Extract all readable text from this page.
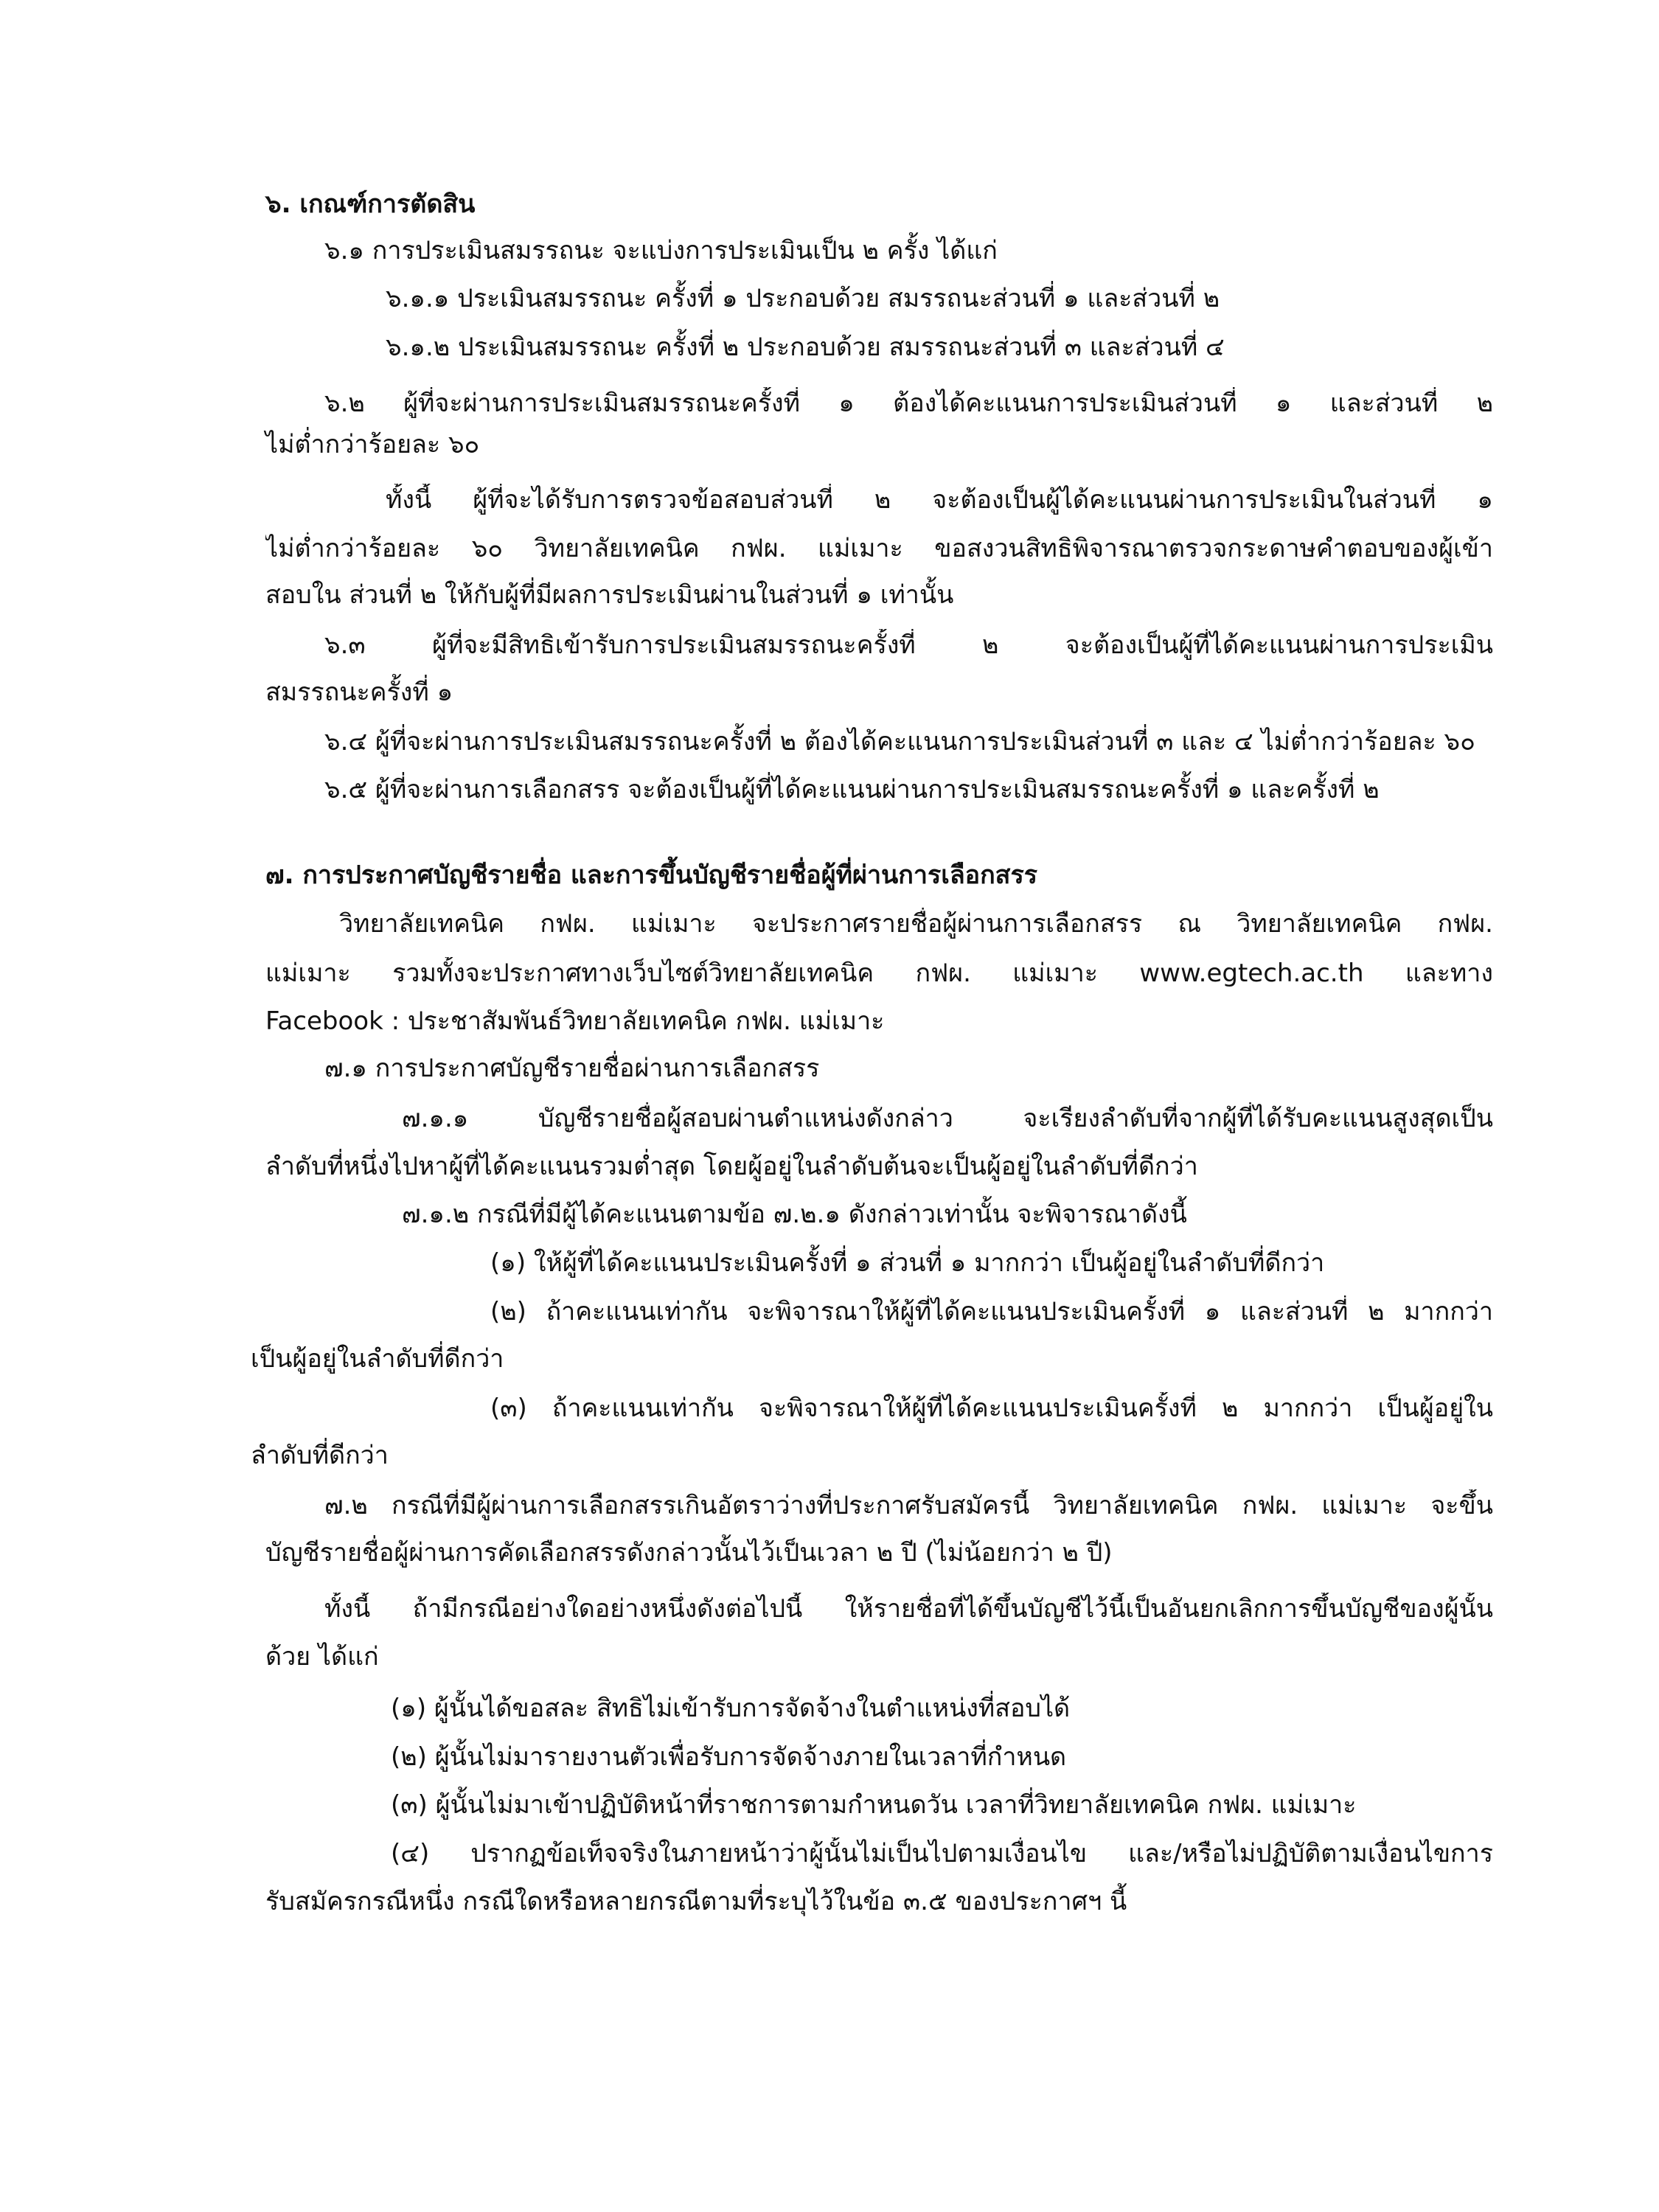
๖. เกณฑ์การตัดสิน
๖.๑ การประเมินสมรรถนะ จะแบ่งการประเมินเป็น ๒ ครั้ง ได้แก่
๖.๑.๑ ประเมินสมรรถนะ ครั้งที่ ๑ ประกอบด้วย สมรรถนะส่วนที่ ๑ และส่วนที่ ๒
๖.๑.๒ ประเมินสมรรถนะ ครั้งที่ ๒ ประกอบด้วย สมรรถนะส่วนที่ ๓ และส่วนที่ ๔
๖.๒ ผู้ที่จะผ่านการประเมินสมรรถนะครั้งที่ ๑ ต้องได้คะแนนการประเมินส่วนที่ ๑ และส่วนที่ ๒
ไม่ต่ำกว่าร้อยละ ๖๐
ทั้งนี้ ผู้ที่จะได้รับการตรวจข้อสอบส่วนที่ ๒ จะต้องเป็นผู้ได้คะแนนผ่านการประเมินในส่วนที่ ๑
ไม่ต่ำกว่าร้อยละ ๖๐ วิทยาลัยเทคนิค กฟผ. แม่เมาะ ขอสงวนสิทธิพิจารณาตรวจกระดาษคำตอบของผู้เข้า
สอบใน ส่วนที่ ๒ ให้กับผู้ที่มีผลการประเมินผ่านในส่วนที่ ๑ เท่านั้น
๖.๓ ผู้ที่จะมีสิทธิเข้ารับการประเมินสมรรถนะครั้งที่ ๒ จะต้องเป็นผู้ที่ได้คะแนนผ่านการประเมิน
สมรรถนะครั้งที่ ๑
๖.๔ ผู้ที่จะผ่านการประเมินสมรรถนะครั้งที่ ๒ ต้องได้คะแนนการประเมินส่วนที่ ๓ และ ๔ ไม่ต่ำกว่าร้อยละ ๖๐
๖.๕ ผู้ที่จะผ่านการเลือกสรร จะต้องเป็นผู้ที่ได้คะแนนผ่านการประเมินสมรรถนะครั้งที่ ๑ และครั้งที่ ๒
๗. การประกาศบัญชีรายชื่อ และการขึ้นบัญชีรายชื่อผู้ที่ผ่านการเลือกสรร
วิทยาลัยเทคนิค กฟผ. แม่เมาะ จะประกาศรายชื่อผู้ผ่านการเลือกสรร ณ วิทยาลัยเทคนิค กฟผ.
แม่เมาะ รวมทั้งจะประกาศทางเว็บไซต์วิทยาลัยเทคนิค กฟผ. แม่เมาะ www.egtech.ac.th และทาง
Facebook : ประชาสัมพันธ์วิทยาลัยเทคนิค กฟผ. แม่เมาะ
๗.๑ การประกาศบัญชีรายชื่อผ่านการเลือกสรร
๗.๑.๑ บัญชีรายชื่อผู้สอบผ่านตำแหน่งดังกล่าว จะเรียงลำดับที่จากผู้ที่ได้รับคะแนนสูงสุดเป็น
ลำดับที่หนึ่งไปหาผู้ที่ได้คะแนนรวมต่ำสุด โดยผู้อยู่ในลำดับต้นจะเป็นผู้อยู่ในลำดับที่ดีกว่า
๗.๑.๒ กรณีที่มีผู้ได้คะแนนตามข้อ ๗.๒.๑ ดังกล่าวเท่านั้น จะพิจารณาดังนี้
(๑) ให้ผู้ที่ได้คะแนนประเมินครั้งที่ ๑ ส่วนที่ ๑ มากกว่า เป็นผู้อยู่ในลำดับที่ดีกว่า
(๒) ถ้าคะแนนเท่ากัน จะพิจารณาให้ผู้ที่ได้คะแนนประเมินครั้งที่ ๑ และส่วนที่ ๒ มากกว่า
เป็นผู้อยู่ในลำดับที่ดีกว่า
(๓) ถ้าคะแนนเท่ากัน จะพิจารณาให้ผู้ที่ได้คะแนนประเมินครั้งที่ ๒ มากกว่า เป็นผู้อยู่ใน
ลำดับที่ดีกว่า
๗.๒ กรณีที่มีผู้ผ่านการเลือกสรรเกินอัตราว่างที่ประกาศรับสมัครนี้ วิทยาลัยเทคนิค กฟผ. แม่เมาะ จะขึ้น
บัญชีรายชื่อผู้ผ่านการคัดเลือกสรรดังกล่าวนั้นไว้เป็นเวลา ๒ ปี (ไม่น้อยกว่า ๒ ปี)
ทั้งนี้ ถ้ามีกรณีอย่างใดอย่างหนึ่งดังต่อไปนี้ ให้รายชื่อที่ได้ขึ้นบัญชีไว้นี้เป็นอันยกเลิกการขึ้นบัญชีของผู้นั้น
ด้วย ได้แก่
(๑) ผู้นั้นได้ขอสละ สิทธิไม่เข้ารับการจัดจ้างในตำแหน่งที่สอบได้
(๒) ผู้นั้นไม่มารายงานตัวเพื่อรับการจัดจ้างภายในเวลาที่กำหนด
(๓) ผู้นั้นไม่มาเข้าปฏิบัติหน้าที่ราชการตามกำหนดวัน เวลาที่วิทยาลัยเทคนิค กฟผ. แม่เมาะ
(๔) ปรากฏข้อเท็จจริงในภายหน้าว่าผู้นั้นไม่เป็นไปตามเงื่อนไข และ/หรือไม่ปฏิบัติตามเงื่อนไขการ
รับสมัครกรณีหนึ่ง กรณีใดหรือหลายกรณีตามที่ระบุไว้ในข้อ ๓.๕ ของประกาศฯ นี้
